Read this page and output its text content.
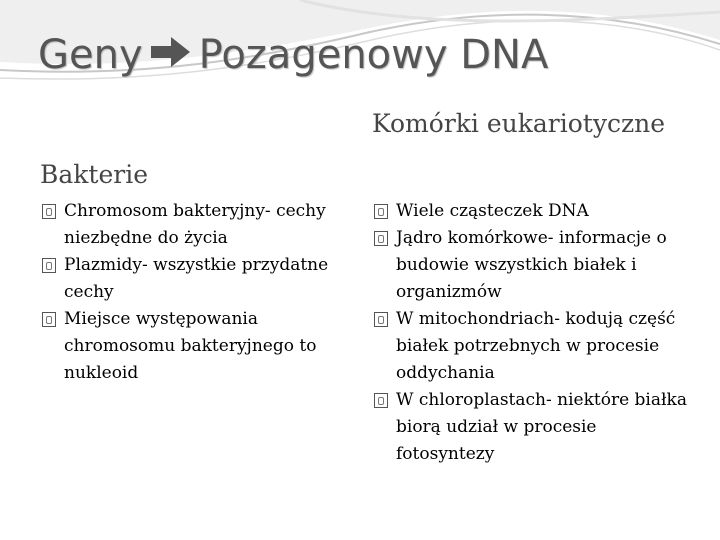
Geny Pozagenowy DNA
Bakterie
Komórki eukariotyczne
Chromosom bakteryjny- cechy niezbędne do życia
Plazmidy- wszystkie przydatne cechy
Miejsce występowania chromosomu bakteryjnego to nukleoid
Wiele cząsteczek DNA
Jądro komórkowe- informacje o budowie wszystkich białek i organizmów
W mitochondriach- kodują część białek potrzebnych w procesie oddychania
W chloroplastach- niektóre białka biorą udział w procesie fotosyntezy
